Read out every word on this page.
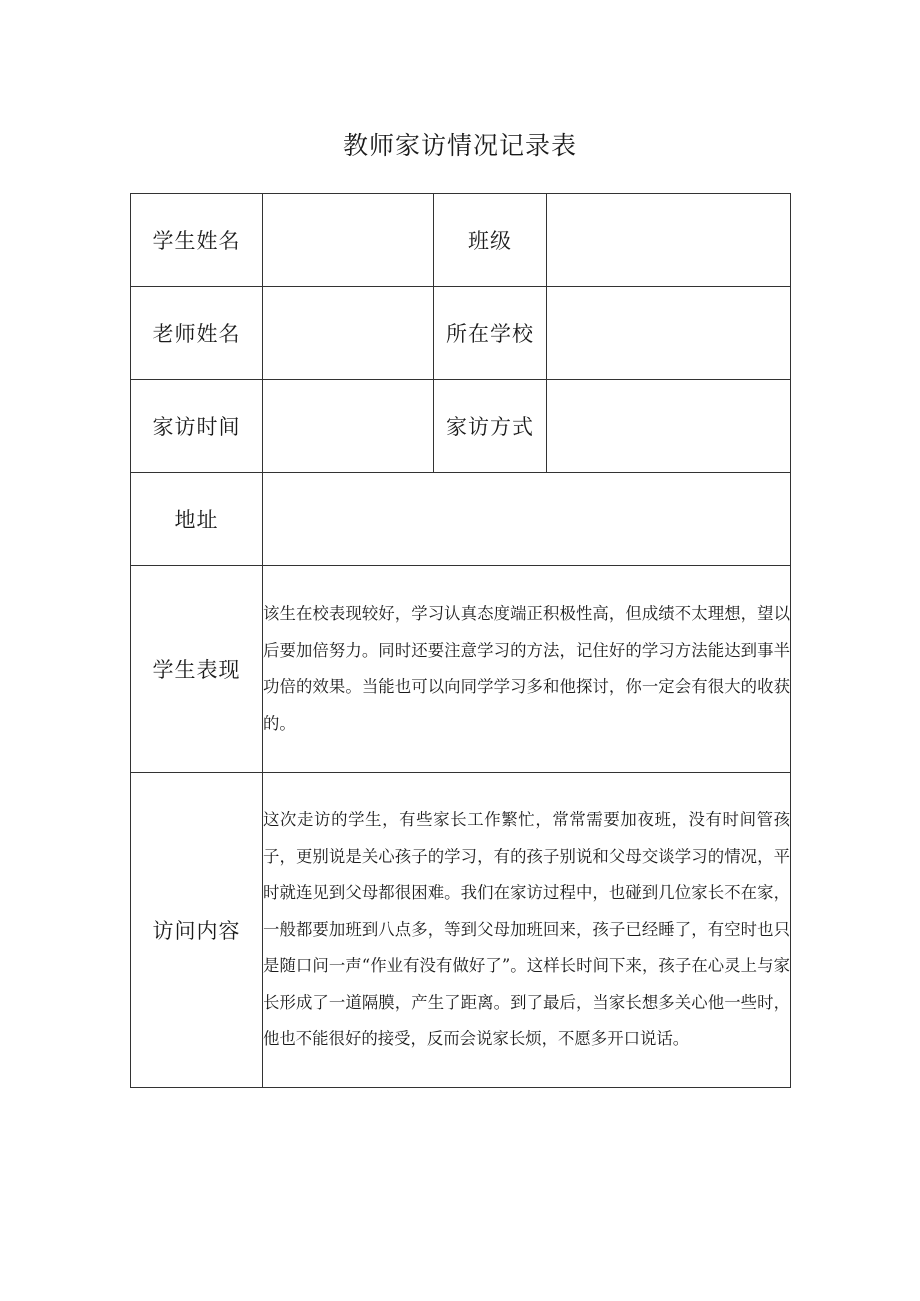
教师家访情况记录表
学生姓名		班级	
老师姓名		所在学校	
家访时间		家访方式	
地址			
学生表现	该生在校表现较好，学习认真态度端正积极性高，但成绩不太理想，望以后要加倍努力。同时还要注意学习的方法，记住好的学习方法能达到事半功倍的效果。当能也可以向同学学习多和他探讨，你一定会有很大的收获的。		
访问内容	这次走访的学生，有些家长工作繁忙，常常需要加夜班，没有时间管孩子，更别说是关心孩子的学习，有的孩子别说和父母交谈学习的情况，平时就连见到父母都很困难。我们在家访过程中，也碰到几位家长不在家，一般都要加班到八点多，等到父母加班回来，孩子已经睡了，有空时也只是随口问一声“作业有没有做好了”。这样长时间下来，孩子在心灵上与家长形成了一道隔膜，产生了距离。到了最后，当家长想多关心他一些时，他也不能很好的接受，反而会说家长烦，不愿多开口说话。		
